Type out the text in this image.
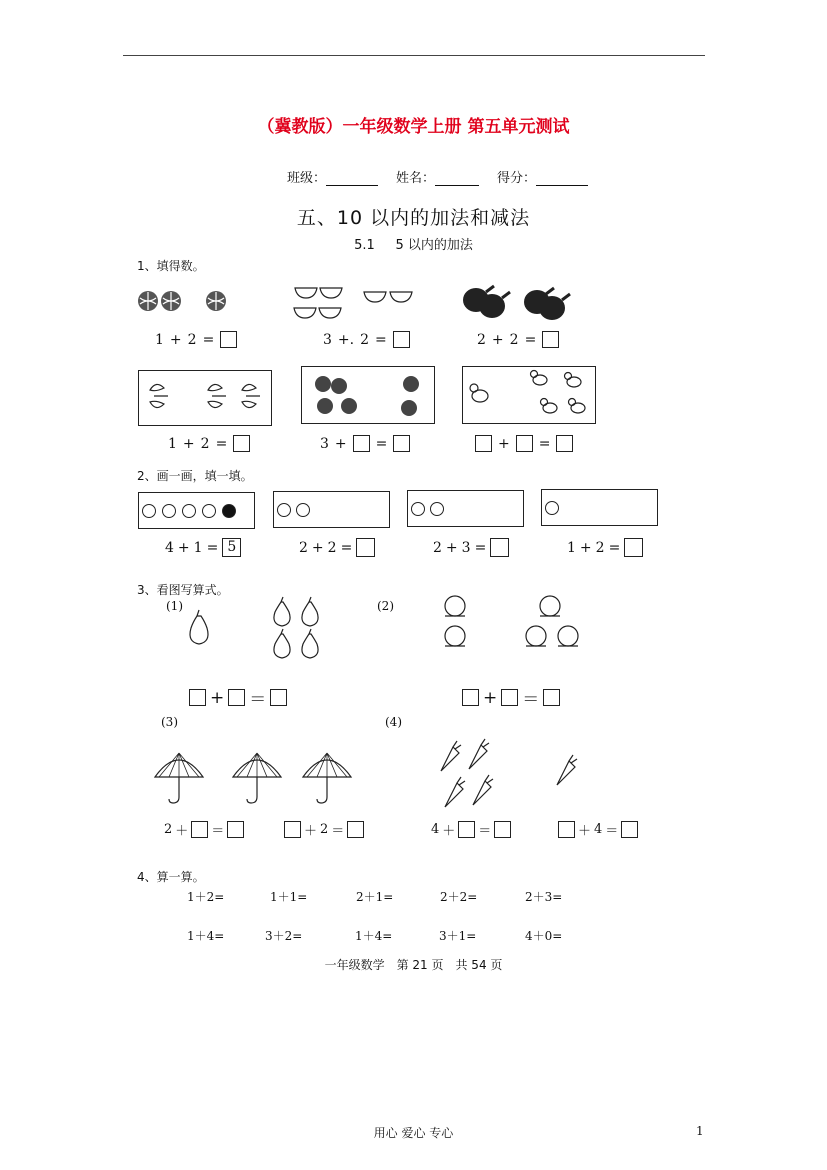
（冀教版）一年级数学上册 第五单元测试
班级：	姓名：	得分：
五、10 以内的加法和减法
5.1 5 以内的加法
1、填得数。
1 + 2 =	3 +. 2 =	2 + 2 =
1 + 2 =	3 + =	+ =
2、画一画，填一填。
4 + 1 = 5	2 + 2 =	2 + 3 =	1 + 2 =
3、看图写算式。
(1)	(2)
+ ＝	+ ＝
(3)	(4)
2 ＋ ＝	＋ 2 ＝	4 ＋ ＝	＋ 4 ＝
4、算一算。
1＋2=	1＋1=	2＋1=	2＋2=	2＋3=
1＋4=	3＋2=	1＋4=	3＋1=	4＋0=
一年级数学　第 21 页　共 54 页
用心 爱心 专心	1
